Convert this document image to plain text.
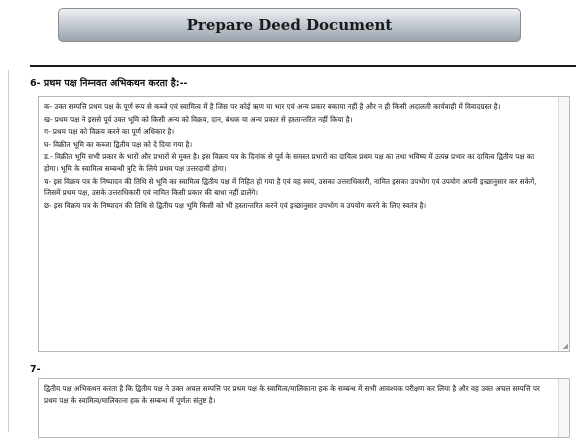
Prepare Deed Document
6- प्रथम पक्ष निम्नवत अभिकथन करता है:--

क- उक्त सम्पत्ति प्रथम पक्ष के पूर्ण रूप से कब्जे एवं स्वामित्व में है जिस पर कोई ऋण या भार एवं अन्य प्रकार बकाया नहीं है और न ही किसी अदालती कार्यवाही में विवादग्रस्त है।

ख- प्रथम पक्ष ने इससे पूर्व उक्त भूमि को किसी अन्य को विक्रय, दान, बंधक या अन्य प्रकार से हस्तान्तरित नहीं किया है।

ग- प्रथम पक्ष को विक्रय करने का पूर्ण अधिकार है।

घ- विक्रीत भूमि का कब्जा द्वितीय पक्ष को दे दिया गया है।

ड.- विक्रीत भूमि सभी प्रकार के भारों और प्रभारों से मुक्त है। इस विक्रय पत्र के दिनांक से पूर्व के समस्त प्रभारों का दायित्व प्रथम पक्ष का तथा भविष्य में उत्पन्न प्रभार का दायित्व द्वितीय पक्ष का होगा। भूमि के स्वामित्व सम्बन्धी त्रुटि के लिये प्रथम पक्ष उत्तरदायी होगा।

च- इस विक्रय पत्र के निष्पादन की तिथि से भूमि का स्वामित्व द्वितीय पक्ष में निहित हो गया है एवं वह स्वयं, उसका उत्तराधिकारी, नामित इसका उपभोग एवं उपयोग अपनी इच्छानुसार कर सकेगें, जिसमें प्रथम पक्ष, उसके उत्तराधिकारी एवं नामित किसी प्रकार की बाधा नहीं डालेंगे।

छ- इस विक्रय पत्र के निष्पादन की तिथि से द्वितीय पक्ष भूमि किसी को भी हस्तान्तरित करने एवं इच्छानुसार उपभोग व उपयोग करने के लिए स्वतंत्र है।

◢
7-

द्वितीय पक्ष अभिकथन करता है कि द्वितीय पक्ष ने उक्त अचल सम्पत्ति पर प्रथम पक्ष के स्वामित्व/मालिकाना हक के सम्बन्ध में सभी आवश्यक परीक्षण कर लिया है और वह उक्त अचल सम्पत्ति पर प्रथम पक्ष के स्वामित्व/मालिकाना हक के सम्बन्ध में पूर्णतः संतुष्ट है।
